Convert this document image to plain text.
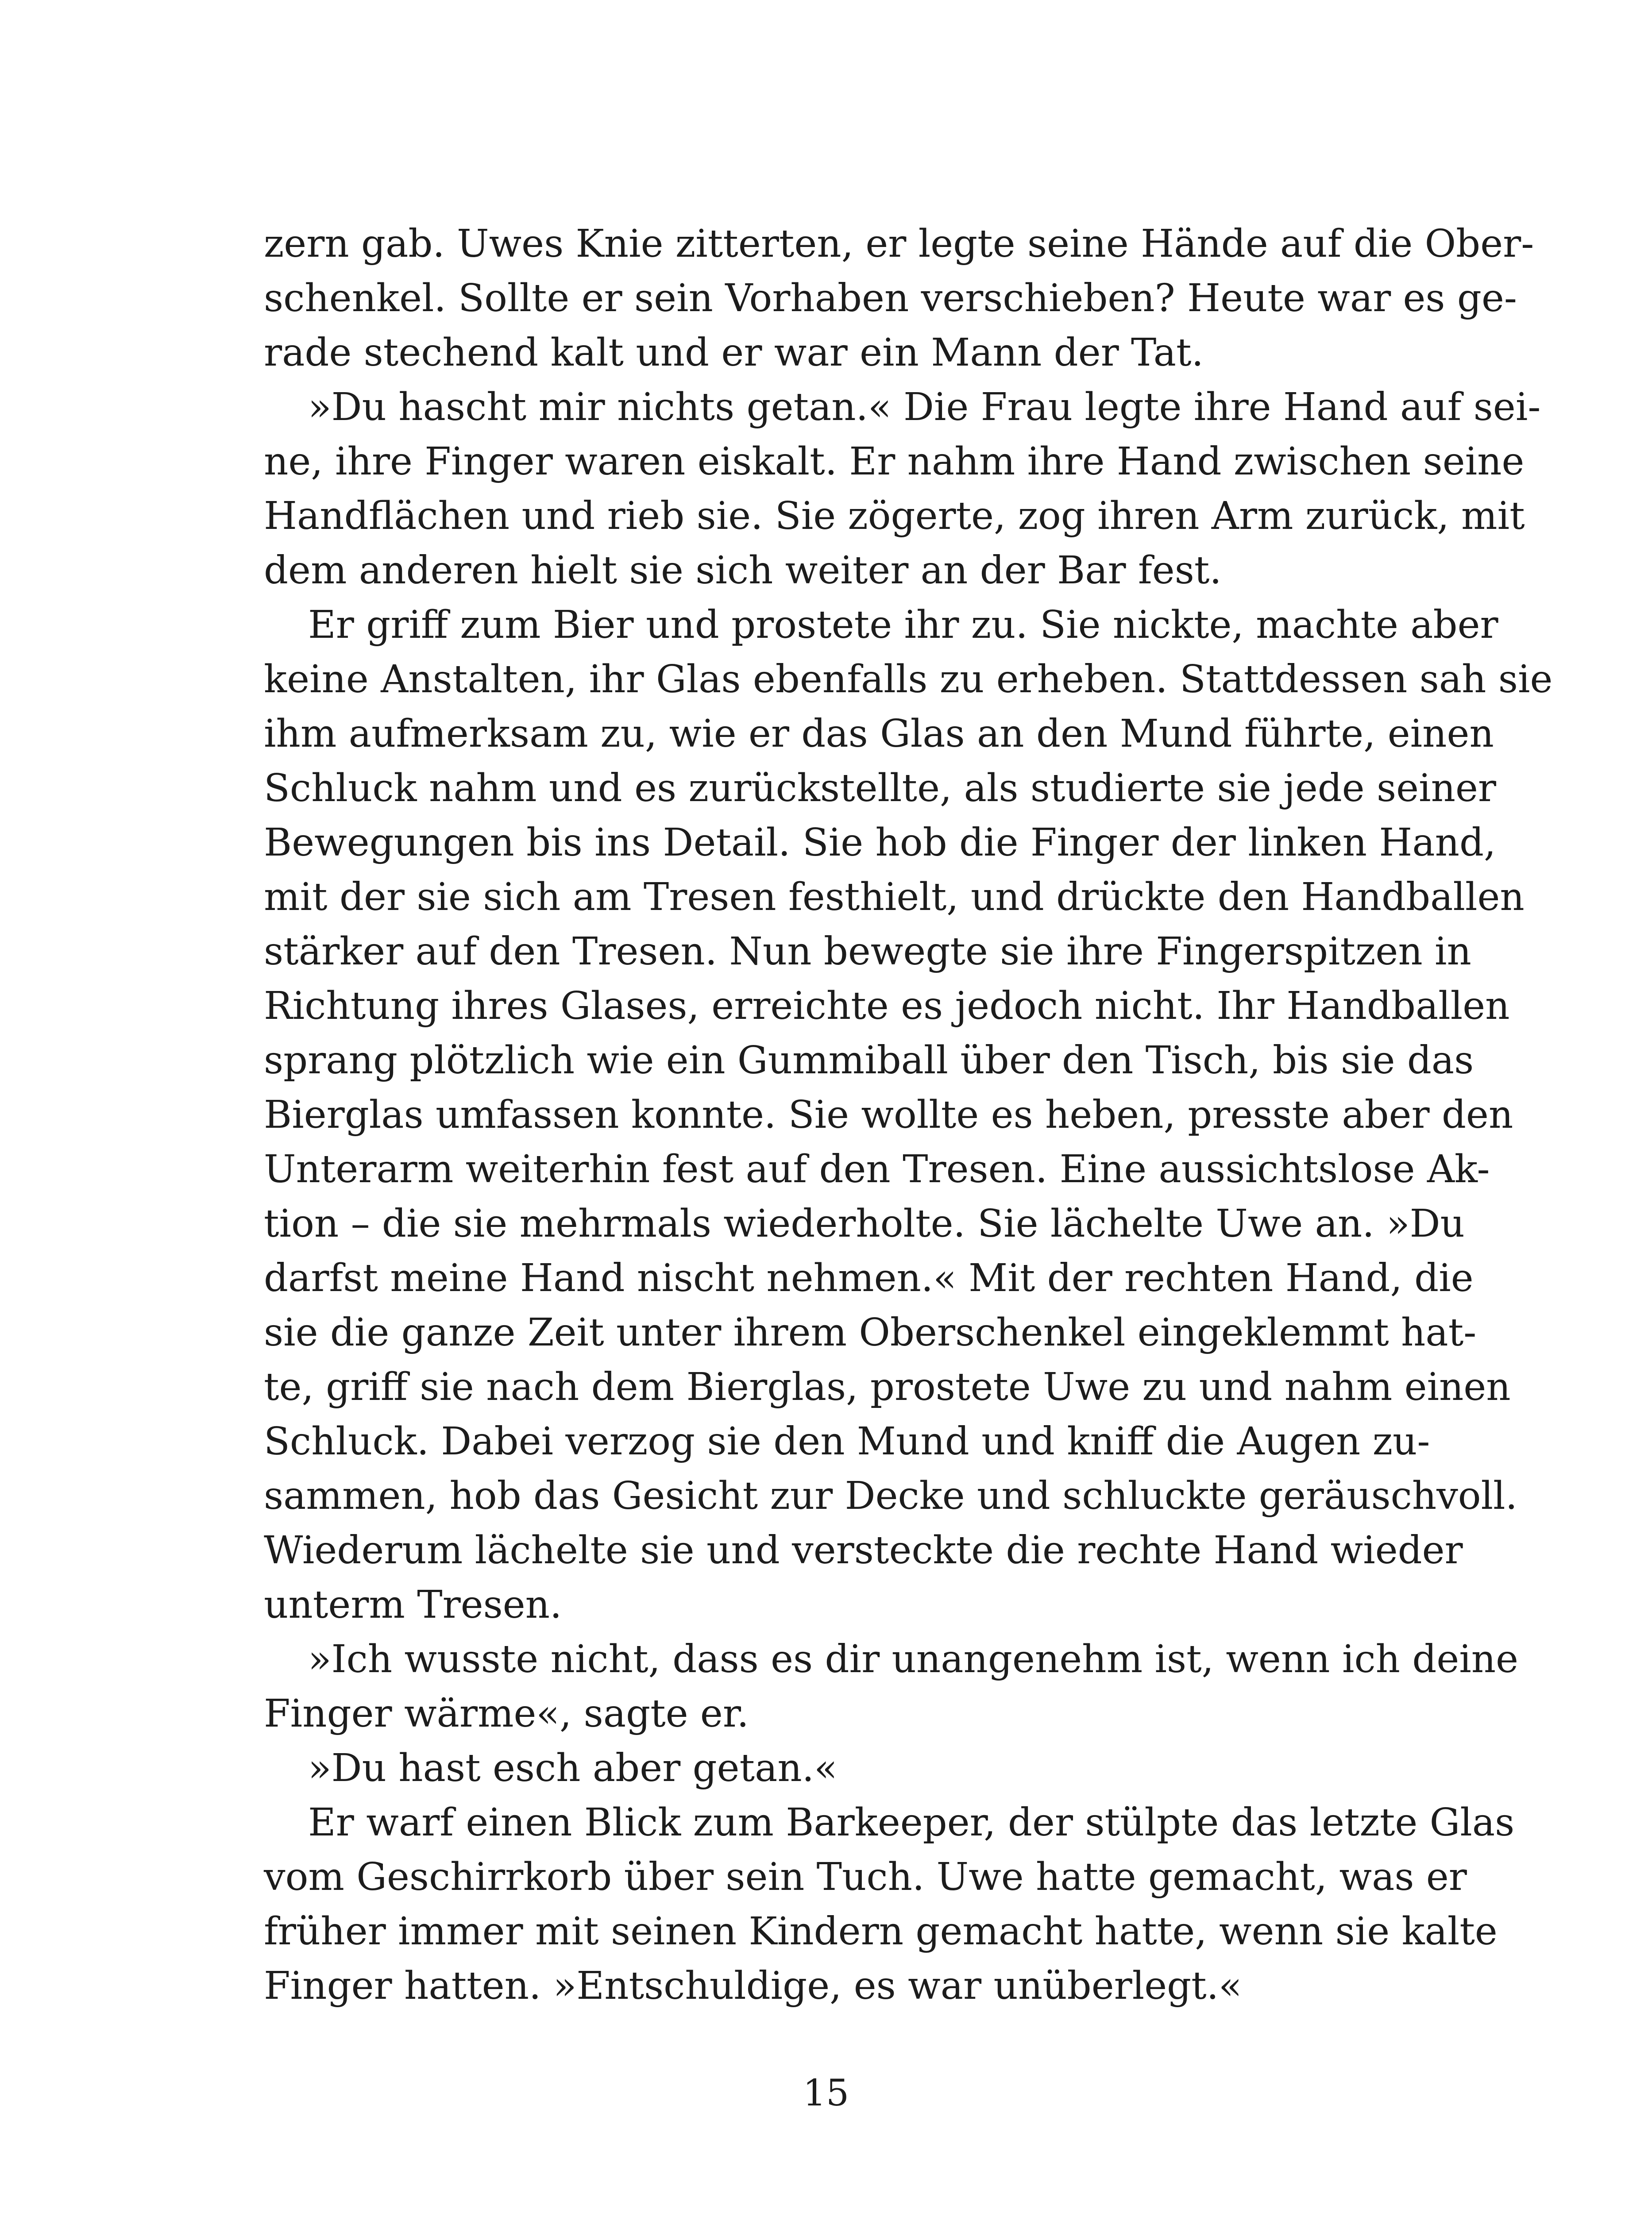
zern gab. Uwes Knie zitterten, er legte seine Hände auf die Ober-
schenkel. Sollte er sein Vorhaben verschieben? Heute war es ge-
rade stechend kalt und er war ein Mann der Tat.
»Du hascht mir nichts getan.« Die Frau legte ihre Hand auf sei-
ne, ihre Finger waren eiskalt. Er nahm ihre Hand zwischen seine
Handflächen und rieb sie. Sie zögerte, zog ihren Arm zurück, mit
dem anderen hielt sie sich weiter an der Bar fest.
Er griff zum Bier und prostete ihr zu. Sie nickte, machte aber
keine Anstalten, ihr Glas ebenfalls zu erheben. Stattdessen sah sie
ihm aufmerksam zu, wie er das Glas an den Mund führte, einen
Schluck nahm und es zurückstellte, als studierte sie jede seiner
Bewegungen bis ins Detail. Sie hob die Finger der linken Hand,
mit der sie sich am Tresen festhielt, und drückte den Handballen
stärker auf den Tresen. Nun bewegte sie ihre Fingerspitzen in
Richtung ihres Glases, erreichte es jedoch nicht. Ihr Handballen
sprang plötzlich wie ein Gummiball über den Tisch, bis sie das
Bierglas umfassen konnte. Sie wollte es heben, presste aber den
Unterarm weiterhin fest auf den Tresen. Eine aussichtslose Ak-
tion – die sie mehrmals wiederholte. Sie lächelte Uwe an. »Du
darfst meine Hand nischt nehmen.« Mit der rechten Hand, die
sie die ganze Zeit unter ihrem Oberschenkel eingeklemmt hat-
te, griff sie nach dem Bierglas, prostete Uwe zu und nahm einen
Schluck. Dabei verzog sie den Mund und kniff die Augen zu-
sammen, hob das Gesicht zur Decke und schluckte geräuschvoll.
Wiederum lächelte sie und versteckte die rechte Hand wieder
unterm Tresen.
»Ich wusste nicht, dass es dir unangenehm ist, wenn ich deine
Finger wärme«, sagte er.
»Du hast esch aber getan.«
Er warf einen Blick zum Barkeeper, der stülpte das letzte Glas
vom Geschirrkorb über sein Tuch. Uwe hatte gemacht, was er
früher immer mit seinen Kindern gemacht hatte, wenn sie kalte
Finger hatten. »Entschuldige, es war unüberlegt.«
15
